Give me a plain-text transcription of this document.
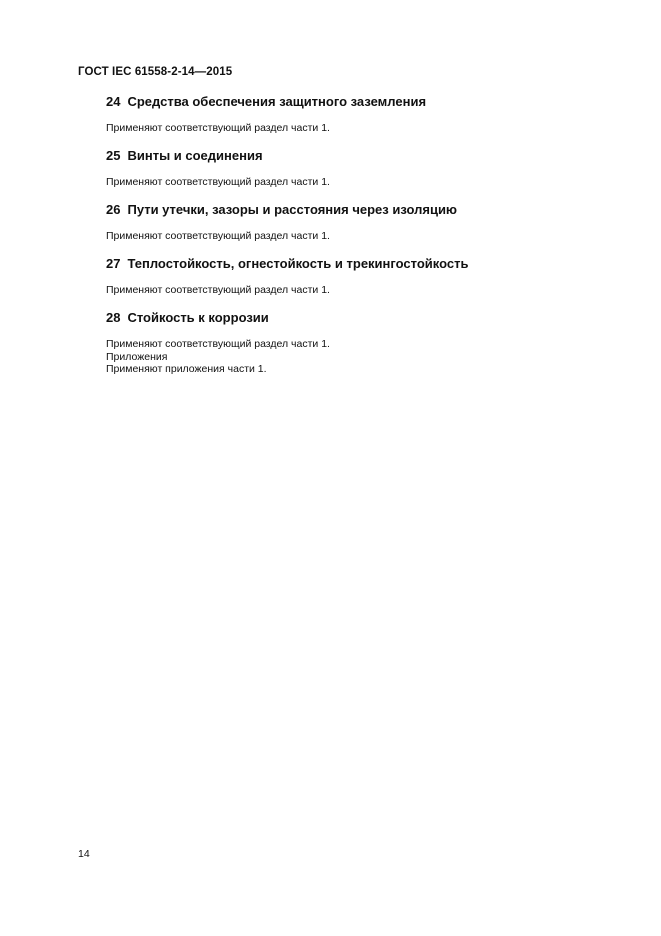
ГОСТ IEC 61558-2-14—2015
24 Средства обеспечения защитного заземления
Применяют соответствующий раздел части 1.
25 Винты и соединения
Применяют соответствующий раздел части 1.
26 Пути утечки, зазоры и расстояния через изоляцию
Применяют соответствующий раздел части 1.
27 Теплостойкость, огнестойкость и трекингостойкость
Применяют соответствующий раздел части 1.
28 Стойкость к коррозии
Применяют соответствующий раздел части 1.
Приложения
Применяют приложения части 1.
14
